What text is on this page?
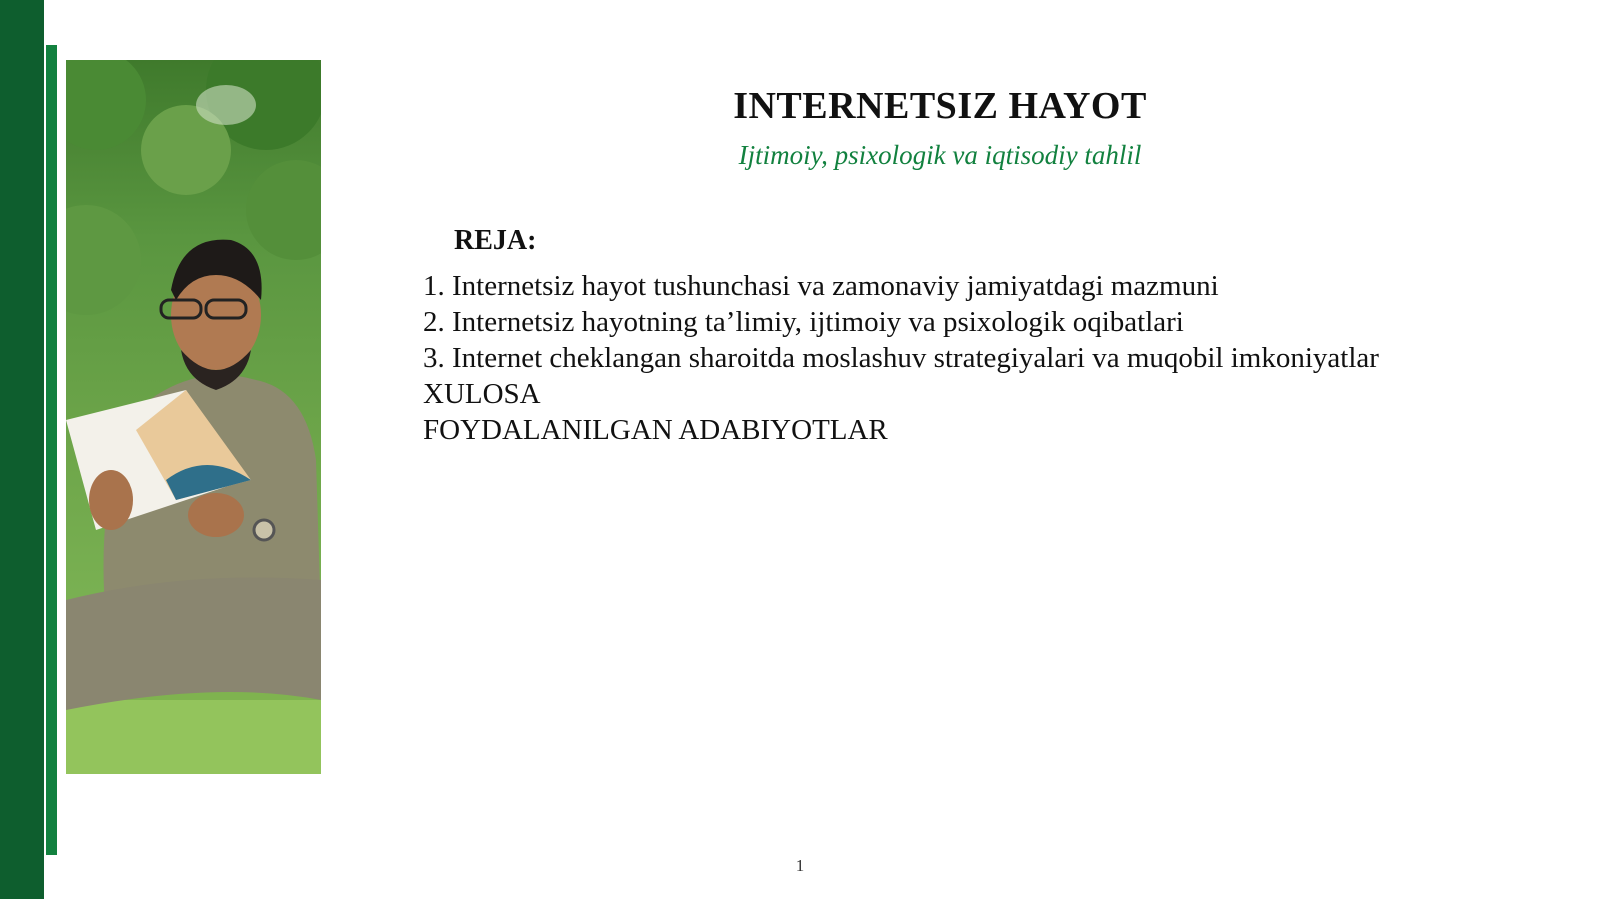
INTERNETSIZ HAYOT
Ijtimoiy, psixologik va iqtisodiy tahlil
REJA:
1. Internetsiz hayot tushunchasi va zamonaviy jamiyatdagi mazmuni
2. Internetsiz hayotning ta’limiy, ijtimoiy va psixologik oqibatlari
3. Internet cheklangan sharoitda moslashuv strategiyalari va muqobil imkoniyatlar
XULOSA
FOYDALANILGAN ADABIYOTLAR
1
